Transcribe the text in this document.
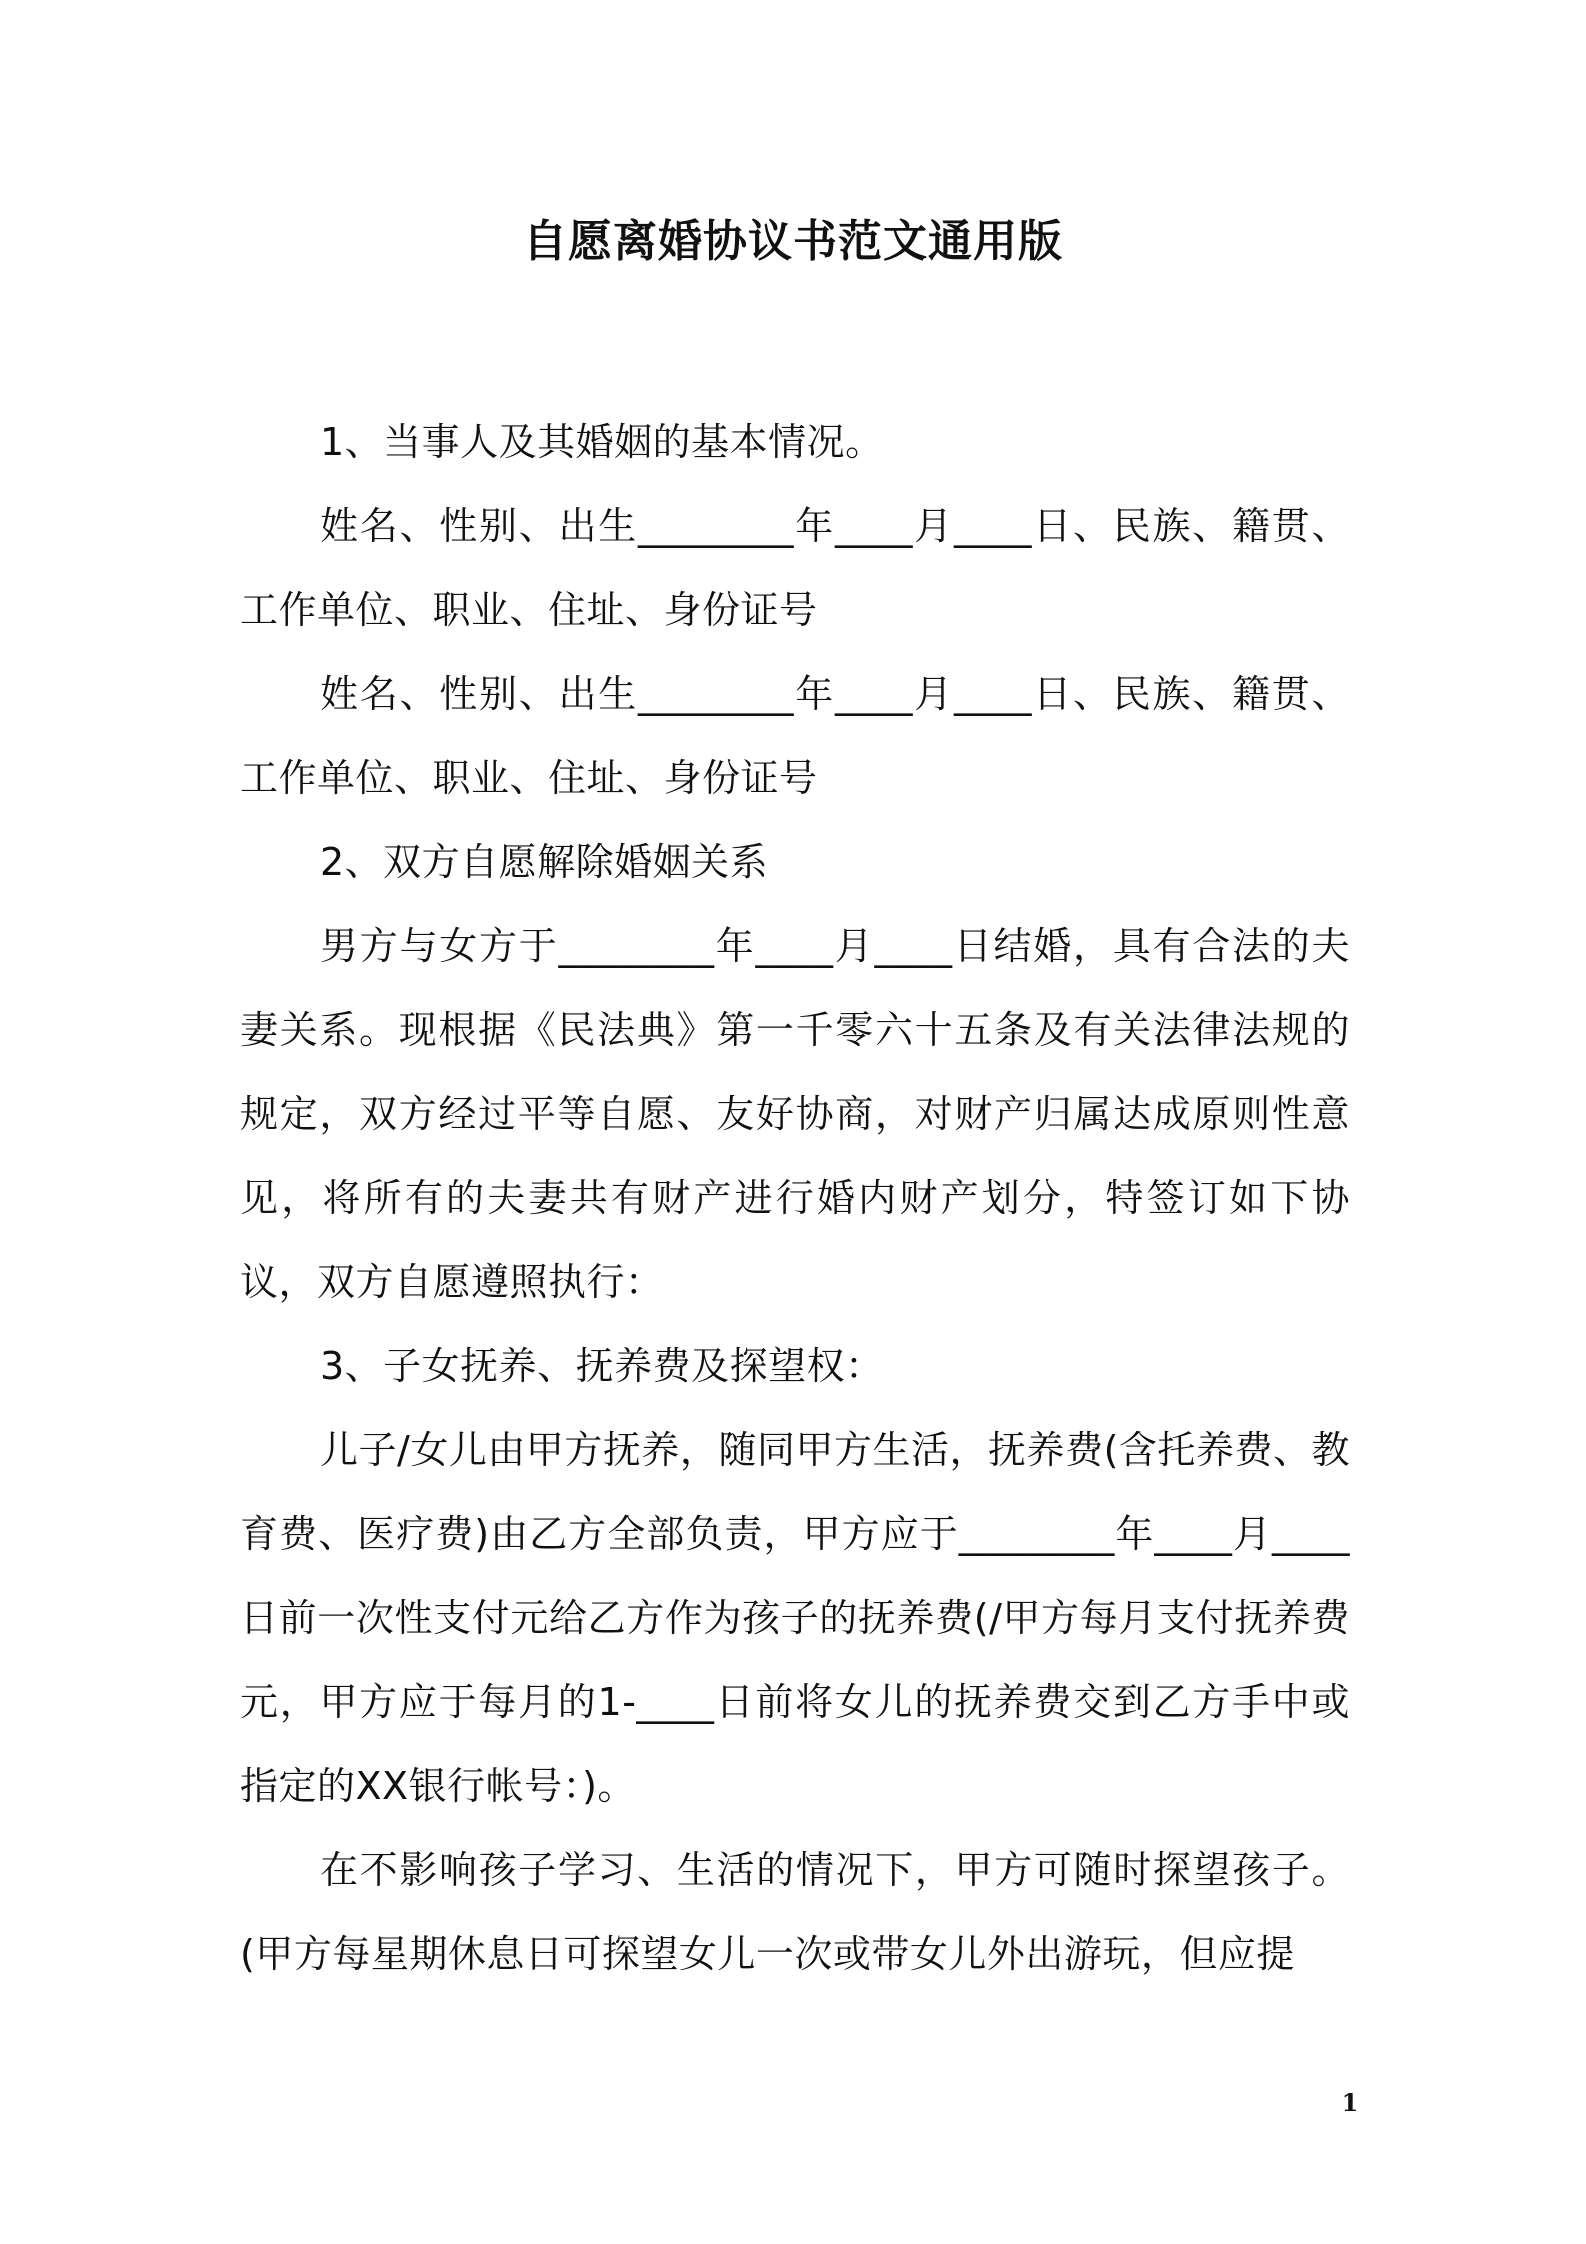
自愿离婚协议书范文通用版

1、当事人及其婚姻的基本情况。

姓名、性别、出生________年____月____日、民族、籍贯、工作单位、职业、住址、身份证号

姓名、性别、出生________年____月____日、民族、籍贯、工作单位、职业、住址、身份证号

2、双方自愿解除婚姻关系

男方与女方于________年____月____日结婚，具有合法的夫妻关系。现根据《民法典》第一千零六十五条及有关法律法规的规定，双方经过平等自愿、友好协商，对财产归属达成原则性意见，将所有的夫妻共有财产进行婚内财产划分，特签订如下协议，双方自愿遵照执行：

3、子女抚养、抚养费及探望权：

儿子/女儿由甲方抚养，随同甲方生活，抚养费(含托养费、教育费、医疗费)由乙方全部负责，甲方应于________年____月____日前一次性支付元给乙方作为孩子的抚养费(/甲方每月支付抚养费元，甲方应于每月的1-____日前将女儿的抚养费交到乙方手中或指定的XX银行帐号：)。

在不影响孩子学习、生活的情况下，甲方可随时探望孩子。(甲方每星期休息日可探望女儿一次或带女儿外出游玩，但应提

1
